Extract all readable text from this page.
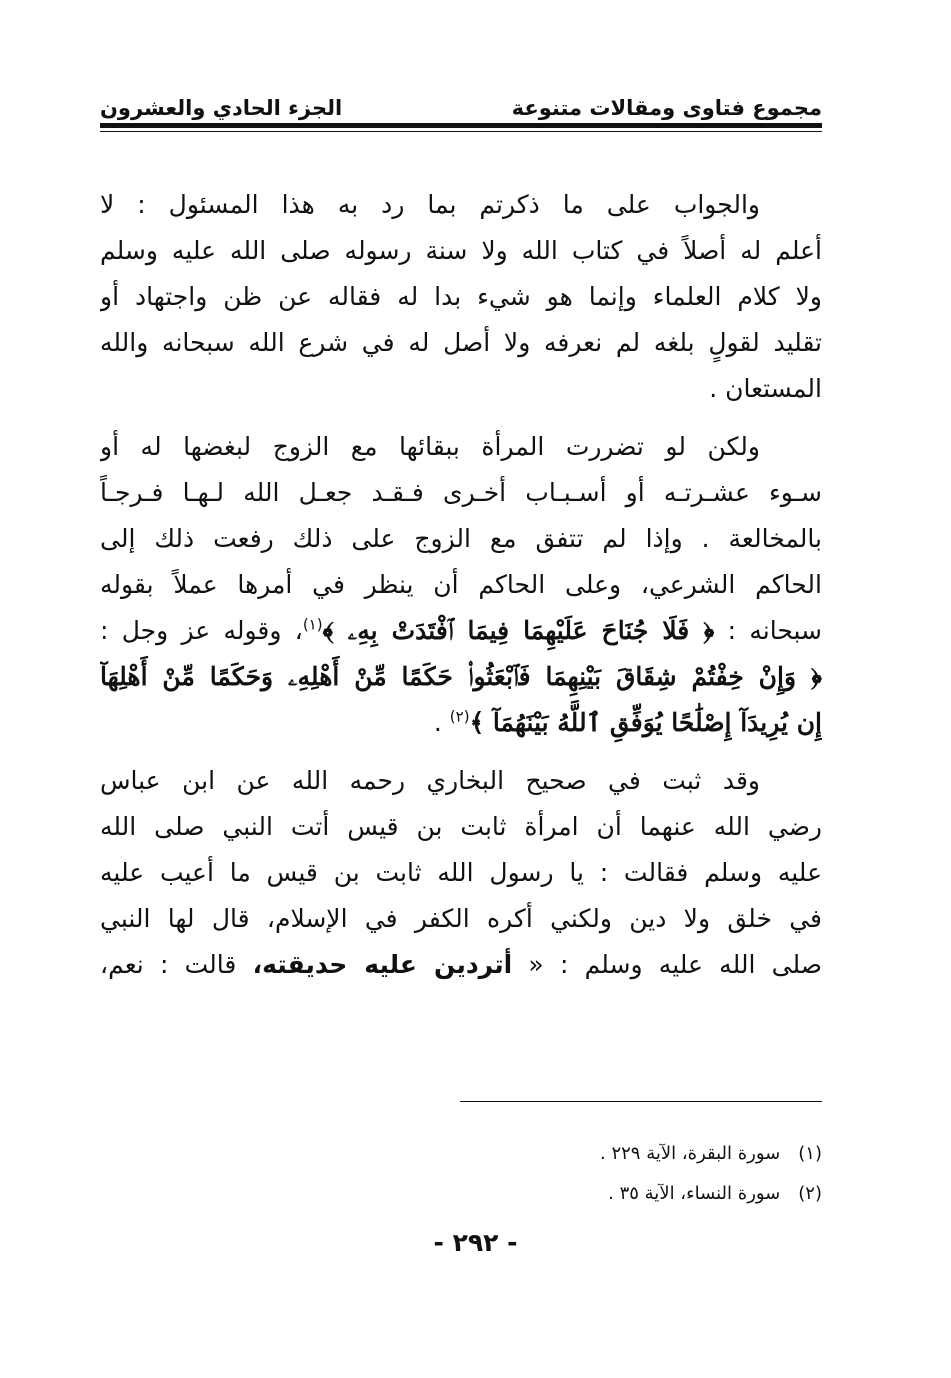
مجموع فتاوى ومقالات متنوعة
الجزء الحادي والعشرون
والجواب على ما ذكرتم بما رد به هذا المسئول : لا
أعلم له أصلاً في كتاب الله ولا سنة رسوله صلى الله عليه وسلم
ولا كلام العلماء وإنما هو شيء بدا له فقاله عن ظن واجتهاد أو
تقليد لقولٍ بلغه لم نعرفه ولا أصل له في شرع الله سبحانه والله
المستعان .
ولكن لو تضررت المرأة ببقائها مع الزوج لبغضها له أو
سـوء عشـرتـه أو أسـبـاب أخـرى فـقـد جعـل الله لـهـا فـرجـاً
بالمخالعة . وإذا لم تتفق مع الزوج على ذلك رفعت ذلك إلى
الحاكم الشرعي، وعلى الحاكم أن ينظر في أمرها عملاً بقوله
سبحانه : ﴿ فَلَا جُنَاحَ عَلَيْهِمَا فِيمَا ٱفْتَدَتْ بِهِۦ ﴾$^{(١)}$، وقوله عز وجل :
﴿ وَإِنْ خِفْتُمْ شِقَاقَ بَيْنِهِمَا فَٱبْعَثُوا۟ حَكَمًا مِّنْ أَهْلِهِۦ وَحَكَمًا مِّنْ أَهْلِهَآ
إِن يُرِيدَآ إِصْلَٰحًا يُوَفِّقِ ٱللَّهُ بَيْنَهُمَآ ﴾$^{(٢)}$ .
وقد ثبت في صحيح البخاري رحمه الله عن ابن عباس
رضي الله عنهما أن امرأة ثابت بن قيس أتت النبي صلى الله
عليه وسلم فقالت : يا رسول الله ثابت بن قيس ما أعيب عليه
في خلق ولا دين ولكني أكره الكفر في الإسلام، قال لها النبي
صلى الله عليه وسلم : « أتردين عليه حديقته، قالت : نعم،
(١)سورة البقرة، الآية ٢٢٩ .
(٢)سورة النساء، الآية ٣٥ .
- ٢٩٢ -
